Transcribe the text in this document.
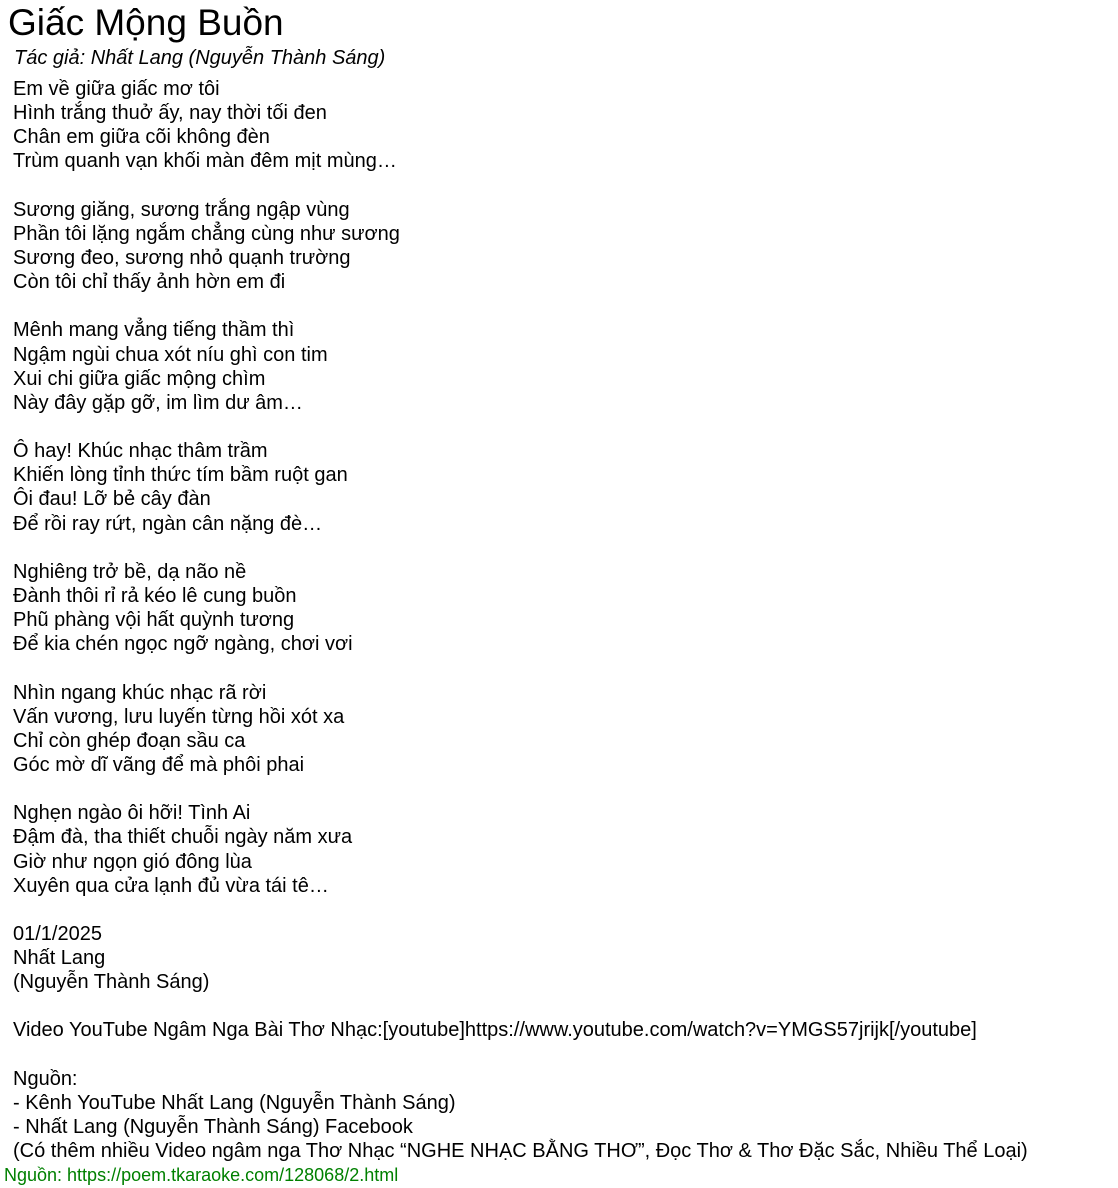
Giấc Mộng Buồn
Tác giả: Nhất Lang (Nguyễn Thành Sáng)
Em về giữa giấc mơ tôi
Hình trắng thuở ấy, nay thời tối đen
Chân em giữa cõi không đèn
Trùm quanh vạn khối màn đêm mịt mùng…
Sương giăng, sương trắng ngập vùng
Phần tôi lặng ngắm chẳng cùng như sương
Sương đeo, sương nhỏ quạnh trường
Còn tôi chỉ thấy ảnh hờn em đi
Mênh mang vẳng tiếng thầm thì
Ngậm ngùi chua xót níu ghì con tim
Xui chi giữa giấc mộng chìm
Này đây gặp gỡ, im lìm dư âm…
Ô hay! Khúc nhạc thâm trầm
Khiến lòng tỉnh thức tím bầm ruột gan
Ôi đau! Lỡ bẻ cây đàn
Để rồi ray rứt, ngàn cân nặng đè…
Nghiêng trở bề, dạ não nề
Đành thôi rỉ rả kéo lê cung buồn
Phũ phàng vội hất quỳnh tương
Để kia chén ngọc ngỡ ngàng, chơi vơi
Nhìn ngang khúc nhạc rã rời
Vấn vương, lưu luyến từng hồi xót xa
Chỉ còn ghép đoạn sầu ca
Góc mờ dĩ vãng để mà phôi phai
Nghẹn ngào ôi hỡi! Tình Ai
Đậm đà, tha thiết chuỗi ngày năm xưa
Giờ như ngọn gió đông lùa
Xuyên qua cửa lạnh đủ vừa tái tê…
01/1/2025
Nhất Lang
(Nguyễn Thành Sáng)
Video YouTube Ngâm Nga Bài Thơ Nhạc:[youtube]https://www.youtube.com/watch?v=YMGS57jrijk[/youtube]
Nguồn:
- Kênh YouTube Nhất Lang (Nguyễn Thành Sáng)
- Nhất Lang (Nguyễn Thành Sáng) Facebook
(Có thêm nhiều Video ngâm nga Thơ Nhạc “NGHE NHẠC BẰNG THƠ”, Đọc Thơ & Thơ Đặc Sắc, Nhiều Thể Loại)
Nguồn: https://poem.tkaraoke.com/128068/2.html
